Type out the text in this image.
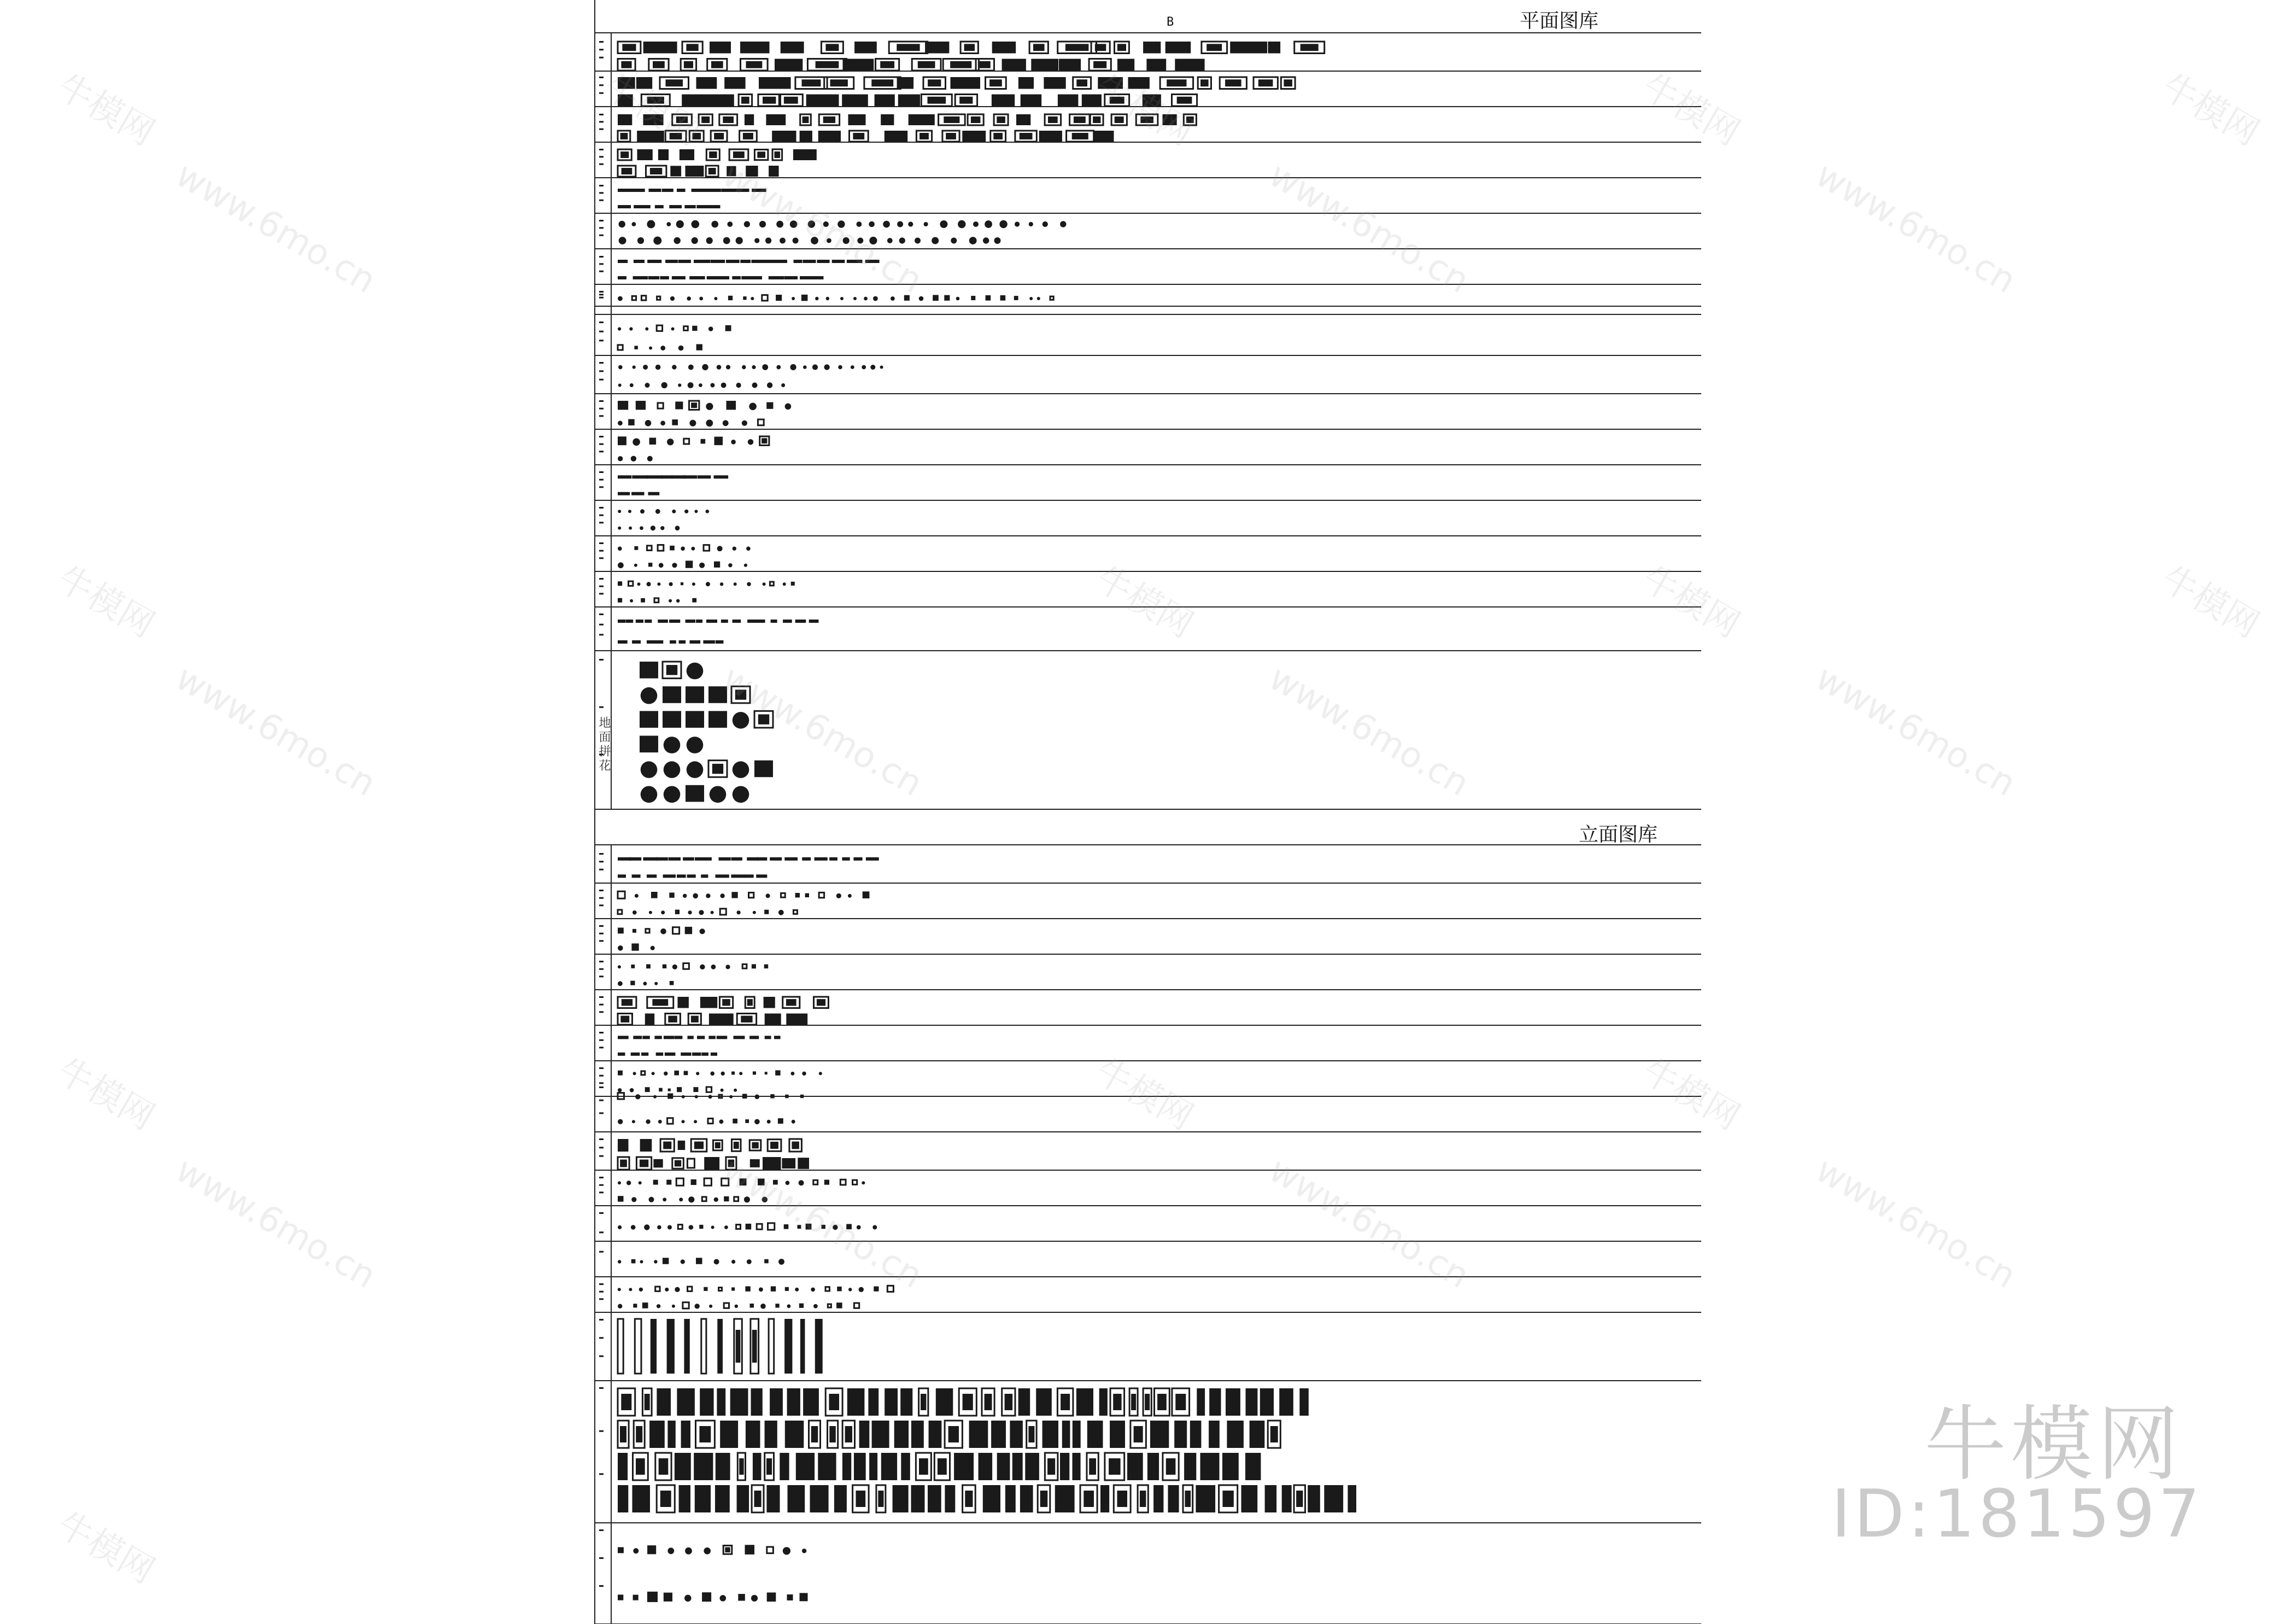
B	平面图库
立面图库
地面拼花
www.6mo.cn	www.6mo.cn	www.6mo.cn	www.6mo.cn
www.6mo.cn	www.6mo.cn	www.6mo.cn	www.6mo.cn
www.6mo.cn	www.6mo.cn	www.6mo.cn	www.6mo.cn
牛模网	牛模网	牛模网	牛模网	牛模网
牛模网	牛模网	牛模网	牛模网
牛模网	牛模网	牛模网
牛模网
牛模网
ID:181597
